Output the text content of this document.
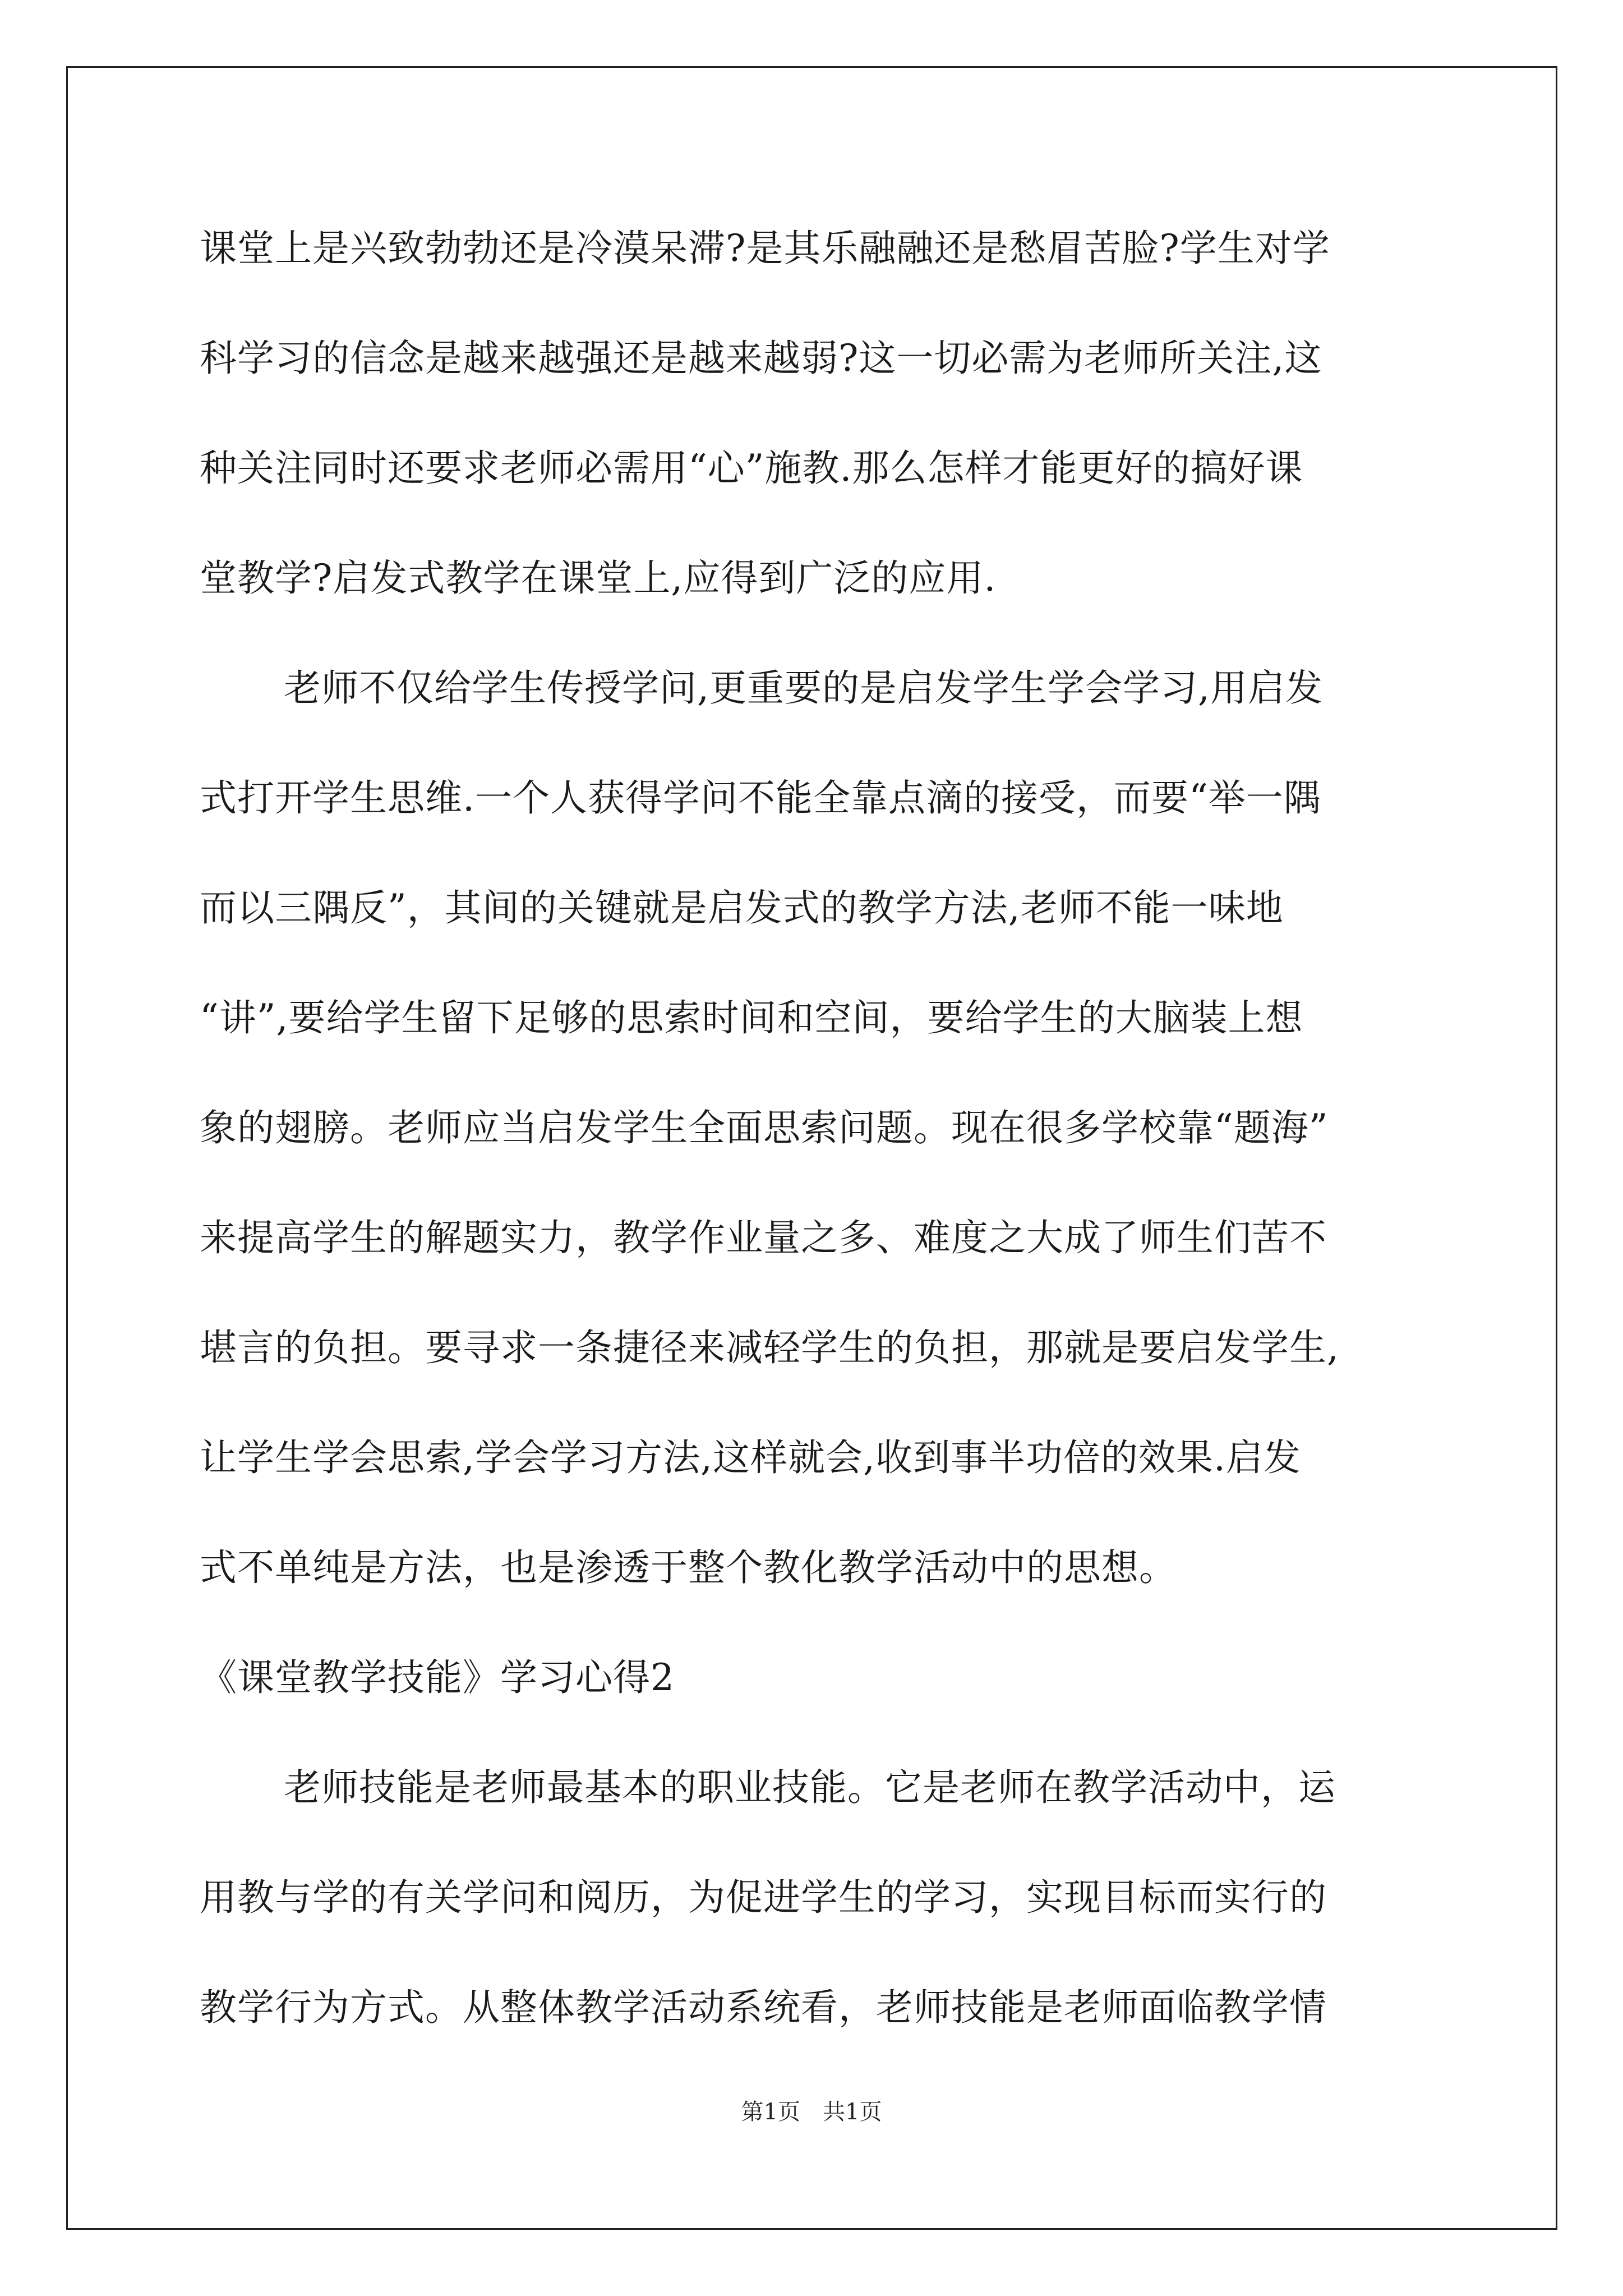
课堂上是兴致勃勃还是冷漠呆滞?是其乐融融还是愁眉苦脸?学生对学
科学习的信念是越来越强还是越来越弱?这一切必需为老师所关注,这
种关注同时还要求老师必需用“心”施教.那么怎样才能更好的搞好课
堂教学?启发式教学在课堂上,应得到广泛的应用.
老师不仅给学生传授学问,更重要的是启发学生学会学习,用启发
式打开学生思维.一个人获得学问不能全靠点滴的接受，而要“举一隅
而以三隅反”，其间的关键就是启发式的教学方法,老师不能一味地
“讲”,要给学生留下足够的思索时间和空间，要给学生的大脑装上想
象的翅膀。老师应当启发学生全面思索问题。现在很多学校靠“题海”
来提高学生的解题实力，教学作业量之多、难度之大成了师生们苦不
堪言的负担。要寻求一条捷径来减轻学生的负担，那就是要启发学生,
让学生学会思索,学会学习方法,这样就会,收到事半功倍的效果.启发
式不单纯是方法，也是渗透于整个教化教学活动中的思想。
《课堂教学技能》学习心得2
老师技能是老师最基本的职业技能。它是老师在教学活动中，运
用教与学的有关学问和阅历，为促进学生的学习，实现目标而实行的
教学行为方式。从整体教学活动系统看，老师技能是老师面临教学情
第1页　共1页
